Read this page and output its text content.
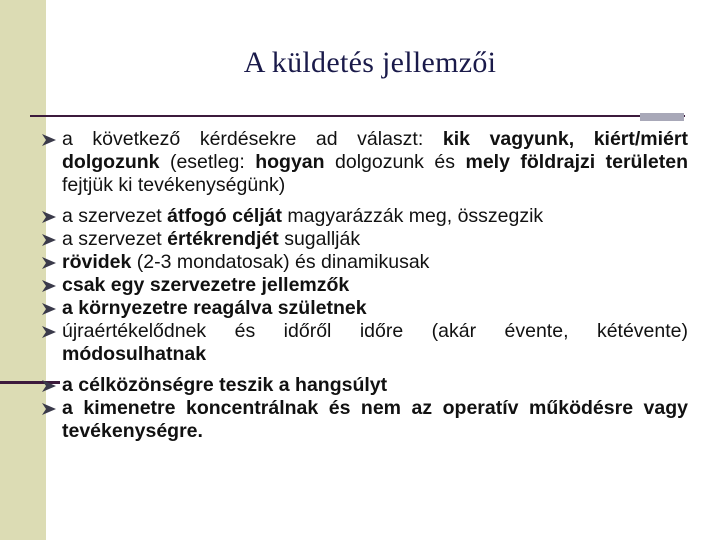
A küldetés jellemzői
a következő kérdésekre ad választ: kik vagyunk, kiért/miért dolgozunk (esetleg: hogyan dolgozunk és mely földrajzi területen fejtjük ki tevékenységünk)
a szervezet átfogó célját magyarázzák meg, összegzik
a szervezet értékrendjét sugallják
rövidek (2-3 mondatosak) és dinamikusak
csak egy szervezetre jellemzők
a környezetre reagálva születnek
újraértékelődnek és időről időre (akár évente, kétévente) módosulhatnak
a célközönségre teszik a hangsúlyt
a kimenetre koncentrálnak és nem az operatív működésre vagy tevékenységre.
